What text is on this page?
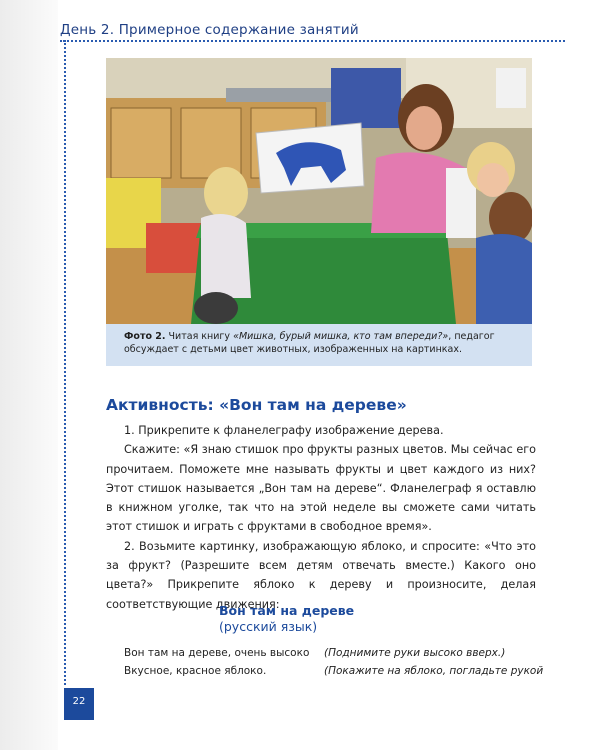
День 2. Примерное содержание занятий
Фото 2. Читая книгу «Мишка, бурый мишка, кто там впереди?», педагог обсуждает с детьми цвет животных, изображенных на картинках.
Активность: «Вон там на дереве»

1. Прикрепите к фланелеграфу изображение дерева.

Скажите: «Я знаю стишок про фрукты разных цветов. Мы сейчас его прочитаем. Поможете мне называть фрукты и цвет каждого из них? Этот стишок называется „Вон там на дереве“. Фланелеграф я оставлю в книжном уголке, так что на этой неделе вы сможете сами читать этот стишок и играть с фруктами в свободное время».

2. Возьмите картинку, изображающую яблоко, и спросите: «Что это за фрукт? (Разрешите всем детям отвечать вместе.) Какого оно цвета?» Прикрепите яблоко к дереву и произносите, делая соответствующие движения:

Вон там на дереве
(русский язык)
Вон там на дереве, очень высоко (Поднимите руки высоко вверх.)
Вкусное, красное яблоко.	(Покажите на яблоко, погладьте рукой
22
